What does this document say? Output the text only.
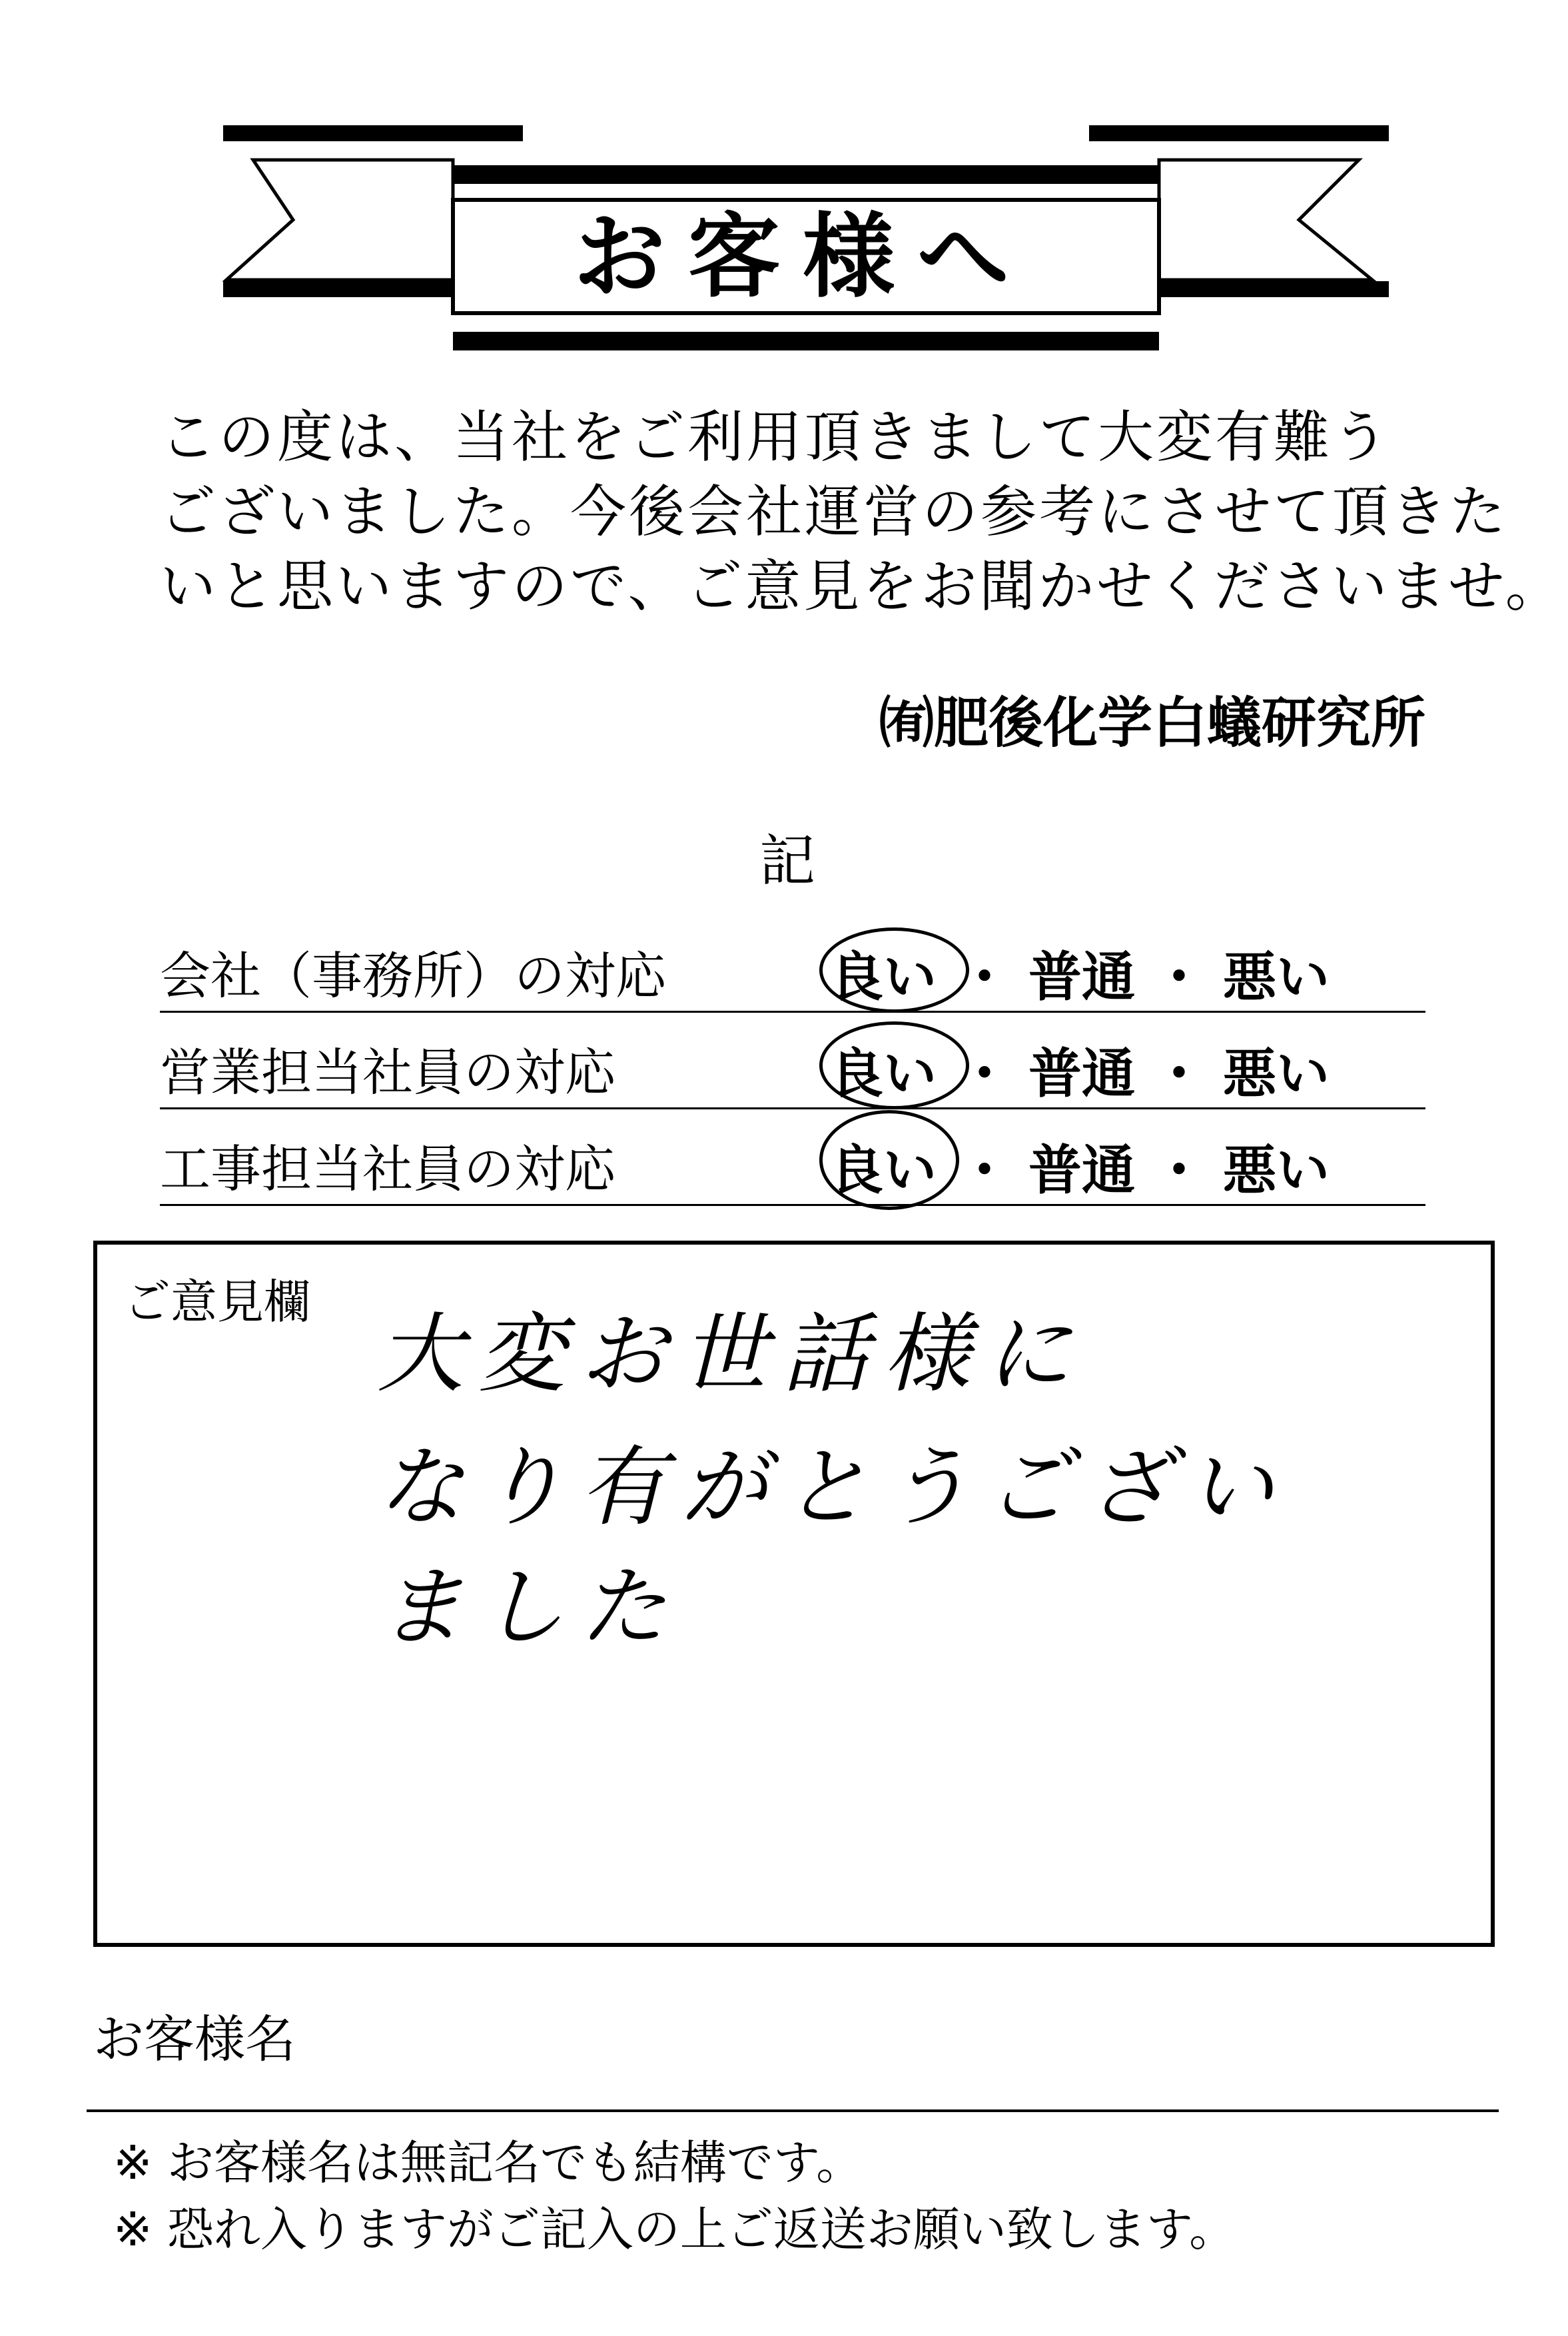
お客様へ
この度は、当社をご利用頂きまして大変有難う
ございました。今後会社運営の参考にさせて頂きた
いと思いますので、ご意見をお聞かせくださいませ。
㈲肥後化学白蟻研究所
記
会社（事務所）の対応	良い ・ 普通 ・ 悪い
営業担当社員の対応	良い ・ 普通 ・ 悪い
工事担当社員の対応	良い ・ 普通 ・ 悪い
ご意見欄
大変お世話様に
なり有がとうござい
ました
お客様名
※ お客様名は無記名でも結構です。
※ 恐れ入りますがご記入の上ご返送お願い致します。
